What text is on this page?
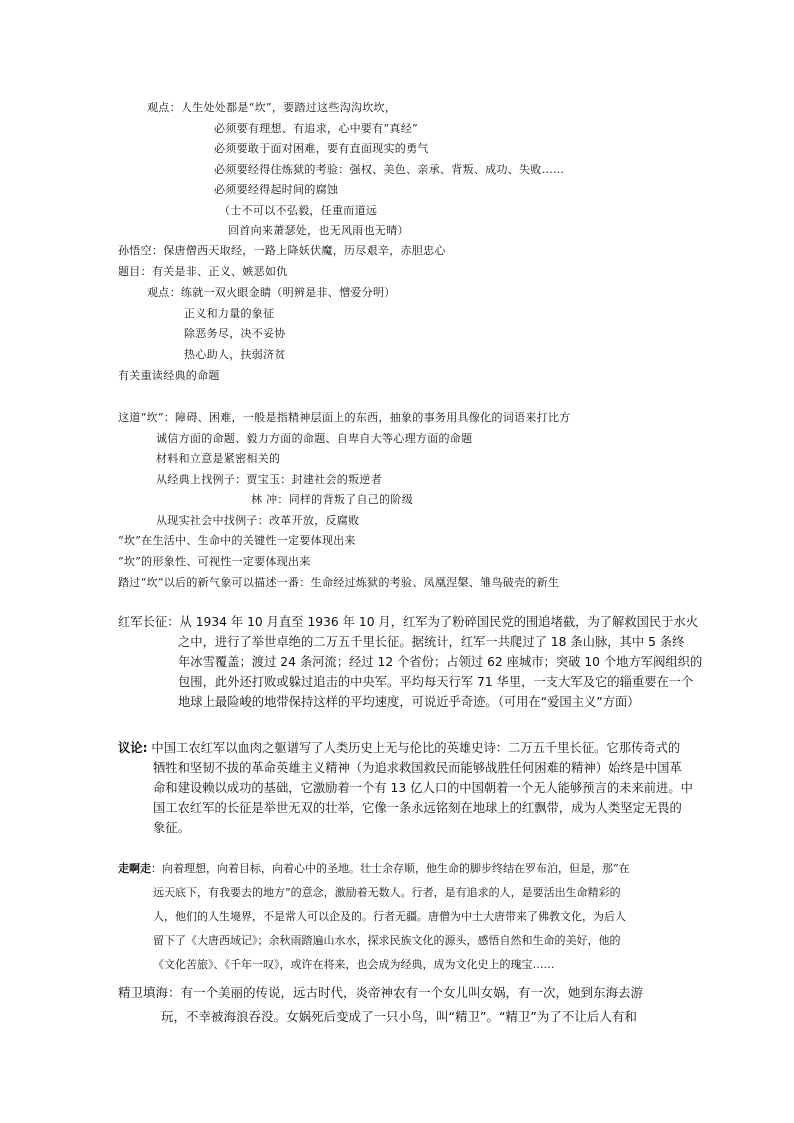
观点：人生处处都是“坎”，要踏过这些沟沟坎坎，
必须要有理想、有追求，心中要有“真经”
必须要敢于面对困难，要有直面现实的勇气
必须要经得住炼狱的考验：强权、美色、亲承、背叛、成功、失败……
必须要经得起时间的腐蚀
（士不可以不弘毅，任重而道远
回首向来萧瑟处，也无风雨也无晴）
孙悟空：保唐僧西天取经，一路上降妖伏魔，历尽艰辛，赤胆忠心
题目：有关是非、正义、嫉恶如仇
观点：练就一双火眼金睛（明辨是非、憎爱分明）
正义和力量的象征
除恶务尽，决不妥协
热心助人，扶弱济贫
有关重读经典的命题
这道“坎”：障碍、困难，一般是指精神层面上的东西，抽象的事务用具像化的词语来打比方
诚信方面的命题、毅力方面的命题、自卑自大等心理方面的命题
材料和立意是紧密相关的
从经典上找例子：贾宝玉：封建社会的叛逆者
林 冲：同样的背叛了自己的阶级
从现实社会中找例子：改革开放，反腐败
“坎”在生活中、生命中的关键性一定要体现出来
“坎”的形象性、可视性一定要体现出来
踏过“坎”以后的新气象可以描述一番：生命经过炼狱的考验、凤凰涅槃、雏鸟破壳的新生
红军长征：从 1934 年 10 月直至 1936 年 10 月，红军为了粉碎国民党的围追堵截，为了解救国民于水火
之中，进行了举世卓绝的二万五千里长征。据统计，红军一共爬过了 18 条山脉，其中 5 条终
年冰雪覆盖；渡过 24 条河流；经过 12 个省份；占领过 62 座城市；突破 10 个地方军阀组织的
包围，此外还打败或躲过追击的中央军。平均每天行军 71 华里，一支大军及它的辎重要在一个
地球上最险峻的地带保持这样的平均速度，可说近乎奇迹。（可用在“爱国主义”方面）
议论: 中国工农红军以血肉之躯谱写了人类历史上无与伦比的英雄史诗：二万五千里长征。它那传奇式的
牺牲和坚韧不拔的革命英雄主义精神（为追求救国救民而能够战胜任何困难的精神）始终是中国革
命和建设赖以成功的基础，它激励着一个有 13 亿人口的中国朝着一个无人能够预言的未来前进。中
国工农红军的长征是举世无双的壮举，它像一条永远铭刻在地球上的红飘带，成为人类坚定无畏的
象征。
走啊走：向着理想，向着目标，向着心中的圣地。壮士余存顺，他生命的脚步终结在罗布泊，但是，那“在
远天底下，有我要去的地方”的意念，激励着无数人。行者，是有追求的人，是要活出生命精彩的
人，他们的人生境界，不是常人可以企及的。行者无疆。唐僧为中土大唐带来了佛教文化，为后人
留下了《大唐西域记》；余秋雨踏遍山水水，探求民族文化的源头，感悟自然和生命的美好，他的
《文化苦旅》、《千年一叹》，或许在将来，也会成为经典，成为文化史上的瑰宝……
精卫填海：有一个美丽的传说，远古时代，炎帝神农有一个女儿叫女娲，有一次，她到东海去游
玩，不幸被海浪吞没。女娲死后变成了一只小鸟，叫“精卫”。“精卫”为了不让后人有和
